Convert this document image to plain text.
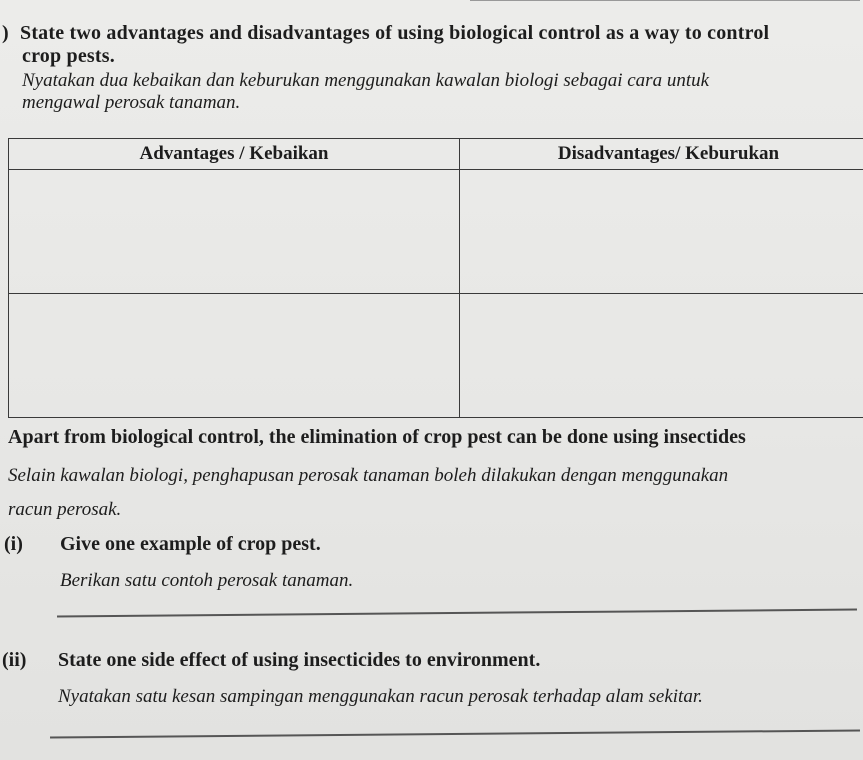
) State two advantages and disadvantages of using biological control as a way to control
crop pests.
Nyatakan dua kebaikan dan keburukan menggunakan kawalan biologi sebagai cara untuk
mengawal perosak tanaman.
Advantages / Kebaikan	Disadvantages/ Keburukan

Apart from biological control, the elimination of crop pest can be done using insectides
Selain kawalan biologi, penghapusan perosak tanaman boleh dilakukan dengan menggunakan
racun perosak.
(i) Give one example of crop pest.
Berikan satu contoh perosak tanaman.
(ii) State one side effect of using insecticides to environment.
Nyatakan satu kesan sampingan menggunakan racun perosak terhadap alam sekitar.
